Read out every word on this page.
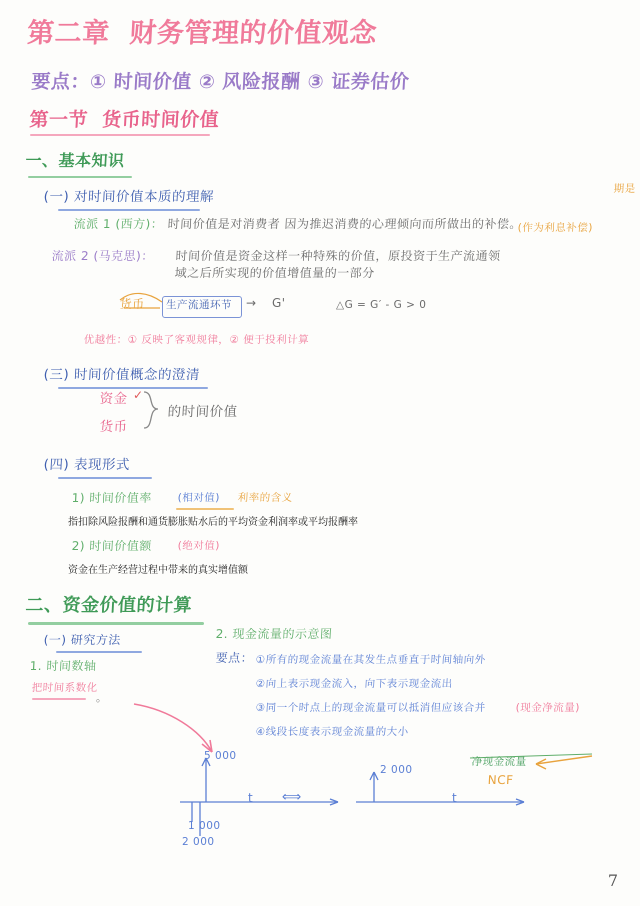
第二章  财务管理的价值观念
要点：① 时间价值 ② 风险报酬 ③ 证券估价
第一节  货币时间价值
一、基本知识
(一) 对时间价值本质的理解
流派 1 (西方)： 时间价值是对消费者 因为推迟消费的心理倾向而所做出的补偿。
(作为利息补偿)
流派 2 (马克思)： 时间价值是资金这样一种特殊的价值，原投资于生产流通领域之后所实现的价值增值量的一部分
货币 生产流通环节 → G'	△G = G′ - G > 0
优越性：① 反映了客观规律，② 便于投利计算
(三) 时间价值概念的澄清
资金 ✓
货币
的时间价值
(四) 表现形式
1) 时间价值率 (相对值) 利率的含义
指扣除风险报酬和通货膨胀贴水后的平均资金利润率或平均报酬率
2) 时间价值额 (绝对值)
资金在生产经营过程中带来的真实增值额
二、资金价值的计算
(一) 研究方法
1. 时间数轴
把时间系数化
。
2. 现金流量的示意图
要点： ①所有的现金流量在其发生点垂直于时间轴向外
②向上表示现金流入，向下表示现金流出
③同一个时点上的现金流量可以抵消但应该合并	(现金净流量)
④线段长度表示现金流量的大小
净现金流量
NCF
期是
5 000
1 000
2 000
t ⟺
2 000
t
7
